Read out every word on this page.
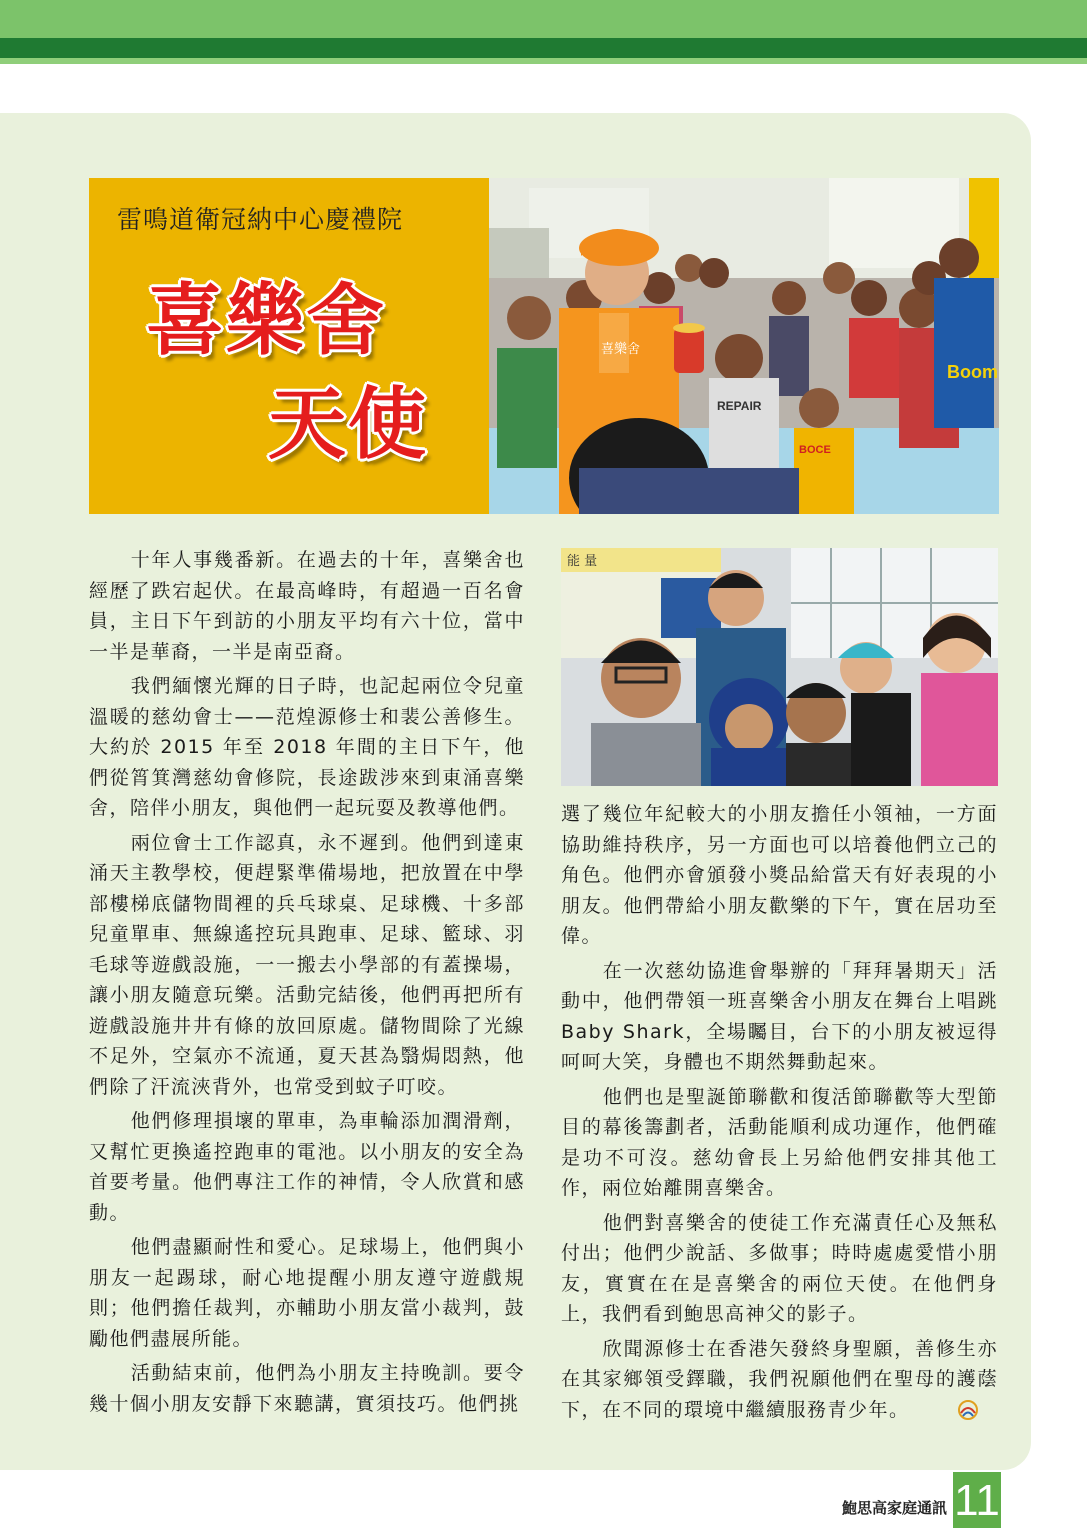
雷鳴道衛冠納中心慶禮院
喜樂舍
天使
Boom
REPAIR
BOCE
喜樂舍
能 量

十年人事幾番新。在過去的十年，喜樂舍也經歷了跌宕起伏。在最高峰時，有超過一百名會員，主日下午到訪的小朋友平均有六十位，當中一半是華裔，一半是南亞裔。

我們緬懷光輝的日子時，也記起兩位令兒童溫暖的慈幼會士——范煌源修士和裴公善修生。大約於 2015 年至 2018 年間的主日下午，他們從筲箕灣慈幼會修院，長途跋涉來到東涌喜樂舍，陪伴小朋友，與他們一起玩耍及教導他們。

兩位會士工作認真，永不遲到。他們到達東涌天主教學校，便趕緊準備場地，把放置在中學部樓梯底儲物間裡的兵乓球桌、足球機、十多部兒童單車、無線遙控玩具跑車、足球、籃球、羽毛球等遊戲設施，一一搬去小學部的有蓋操場，讓小朋友隨意玩樂。活動完結後，他們再把所有遊戲設施井井有條的放回原處。儲物間除了光線不足外，空氣亦不流通，夏天甚為翳焗悶熱，他們除了汗流浹背外，也常受到蚊子叮咬。

他們修理損壞的單車，為車輪添加潤滑劑，又幫忙更換遙控跑車的電池。以小朋友的安全為首要考量。他們專注工作的神情，令人欣賞和感動。

他們盡顯耐性和愛心。足球場上，他們與小朋友一起踢球，耐心地提醒小朋友遵守遊戲規則；他們擔任裁判，亦輔助小朋友當小裁判，鼓勵他們盡展所能。

活動結束前，他們為小朋友主持晚訓。要令幾十個小朋友安靜下來聽講，實須技巧。他們挑

選了幾位年紀較大的小朋友擔任小領袖，一方面協助維持秩序，另一方面也可以培養他們立己的角色。他們亦會頒發小獎品給當天有好表現的小朋友。他們帶給小朋友歡樂的下午，實在居功至偉。

在一次慈幼協進會舉辦的「拜拜暑期天」活動中，他們帶領一班喜樂舍小朋友在舞台上唱跳 Baby Shark，全場矚目，台下的小朋友被逗得呵呵大笑，身體也不期然舞動起來。

他們也是聖誕節聯歡和復活節聯歡等大型節目的幕後籌劃者，活動能順利成功運作，他們確是功不可沒。慈幼會長上另給他們安排其他工作，兩位始離開喜樂舍。

他們對喜樂舍的使徒工作充滿責任心及無私付出；他們少說話、多做事；時時處處愛惜小朋友，實實在在是喜樂舍的兩位天使。在他們身上，我們看到鮑思高神父的影子。

欣聞源修士在香港矢發終身聖願，善修生亦在其家鄉領受鐸職，我們祝願他們在聖母的護蔭下，在不同的環境中繼續服務青少年。

鮑思高家庭通訊 11
